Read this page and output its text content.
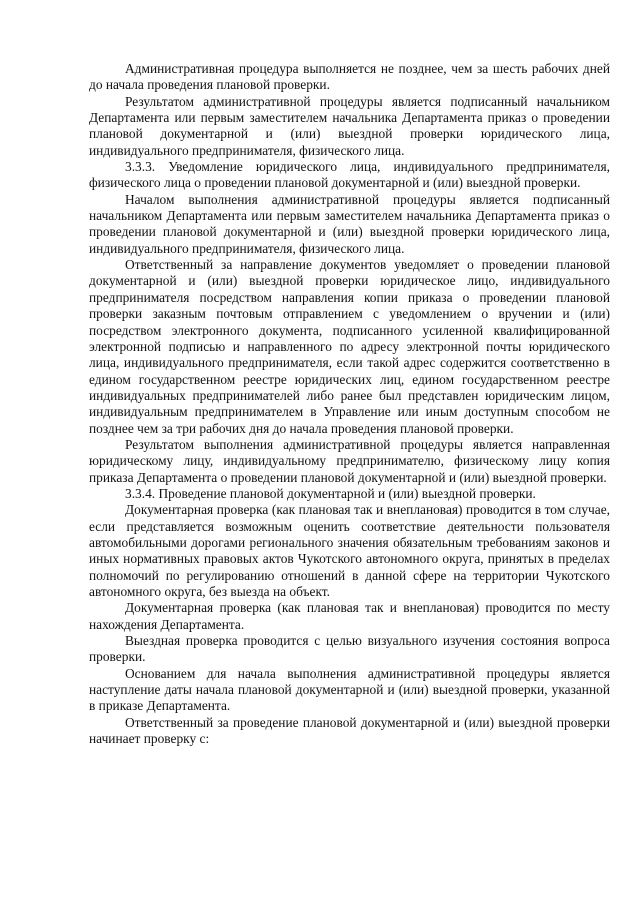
Административная процедура выполняется не позднее, чем за шесть рабочих дней до начала проведения плановой проверки.

Результатом административной процедуры является подписанный начальником Департамента или первым заместителем начальника Департамента приказ о проведении плановой документарной и (или) выездной проверки юридического лица, индивидуального предпринимателя, физического лица.

3.3.3. Уведомление юридического лица, индивидуального предпринимателя, физического лица о проведении плановой документарной и (или) выездной проверки.

Началом выполнения административной процедуры является подписанный начальником Департамента или первым заместителем начальника Департамента приказ о проведении плановой документарной и (или) выездной проверки юридического лица, индивидуального предпринимателя, физического лица.

Ответственный за направление документов уведомляет о проведении плановой документарной и (или) выездной проверки юридическое лицо, индивидуального предпринимателя посредством направления копии приказа о проведении плановой проверки заказным почтовым отправлением с уведомлением о вручении и (или) посредством электронного документа, подписанного усиленной квалифицированной электронной подписью и направленного по адресу электронной почты юридического лица, индивидуального предпринимателя, если такой адрес содержится соответственно в едином государственном реестре юридических лиц, едином государственном реестре индивидуальных предпринимателей либо ранее был представлен юридическим лицом, индивидуальным предпринимателем в Управление или иным доступным способом не позднее чем за три рабочих дня до начала проведения плановой проверки.

Результатом выполнения административной процедуры является направленная юридическому лицу, индивидуальному предпринимателю, физическому лицу копия приказа Департамента о проведении плановой документарной и (или) выездной проверки.

3.3.4. Проведение плановой документарной и (или) выездной проверки.

Документарная проверка (как плановая так и внеплановая) проводится в том случае, если представляется возможным оценить соответствие деятельности пользователя автомобильными дорогами регионального значения обязательным требованиям законов и иных нормативных правовых актов Чукотского автономного округа, принятых в пределах полномочий по регулированию отношений в данной сфере на территории Чукотского автономного округа, без выезда на объект.

Документарная проверка (как плановая так и внеплановая) проводится по месту нахождения Департамента.

Выездная проверка проводится с целью визуального изучения состояния вопроса проверки.

Основанием для начала выполнения административной процедуры является наступление даты начала плановой документарной и (или) выездной проверки, указанной в приказе Департамента.

Ответственный за проведение плановой документарной и (или) выездной проверки начинает проверку с:
